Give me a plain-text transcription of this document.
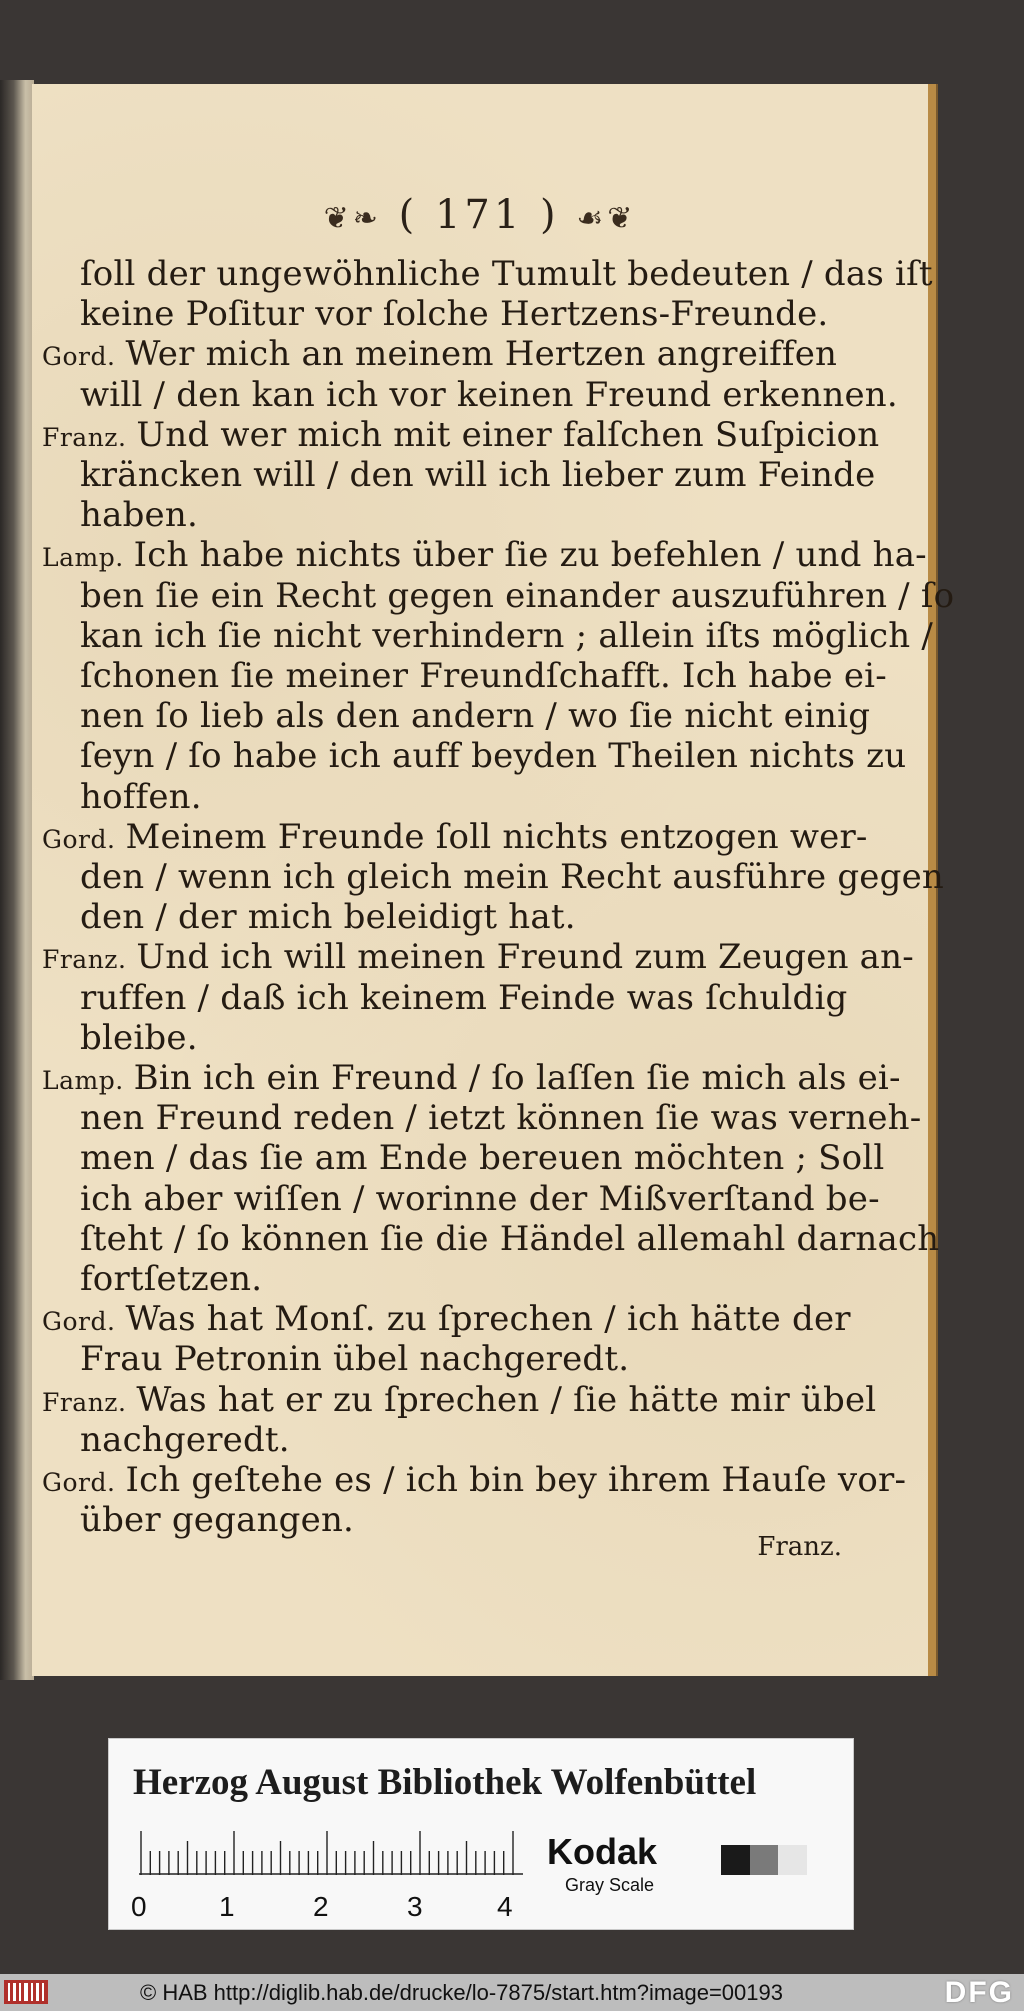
❦❧ ( 171 ) ☙❦
ſoll der ungewöhnliche Tumult bedeuten / das iſt
keine Poſitur vor ſolche Hertzens-Freunde.
Gord. Wer mich an meinem Hertzen angreiffen
will / den kan ich vor keinen Freund erkennen.
Franz. Und wer mich mit einer falſchen Suſpicion
kräncken will / den will ich lieber zum Feinde
haben.
Lamp. Ich habe nichts über ſie zu befehlen / und ha-
ben ſie ein Recht gegen einander auszuführen / ſo
kan ich ſie nicht verhindern ; allein iſts möglich /
ſchonen ſie meiner Freundſchafft. Ich habe ei-
nen ſo lieb als den andern / wo ſie nicht einig
ſeyn / ſo habe ich auff beyden Theilen nichts zu
hoffen.
Gord. Meinem Freunde ſoll nichts entzogen wer-
den / wenn ich gleich mein Recht ausführe gegen
den / der mich beleidigt hat.
Franz. Und ich will meinen Freund zum Zeugen an-
ruffen / daß ich keinem Feinde was ſchuldig
bleibe.
Lamp. Bin ich ein Freund / ſo laſſen ſie mich als ei-
nen Freund reden / ietzt können ſie was verneh-
men / das ſie am Ende bereuen möchten ; Soll
ich aber wiſſen / worinne der Mißverſtand be-
ſteht / ſo können ſie die Händel allemahl darnach
fortſetzen.
Gord. Was hat Monſ. zu ſprechen / ich hätte der
Frau Petronin übel nachgeredt.
Franz. Was hat er zu ſprechen / ſie hätte mir übel
nachgeredt.
Gord. Ich geſtehe es / ich bin bey ihrem Hauſe vor-
über gegangen.
Franz.
Herzog August Bibliothek Wolfenbüttel
0	1	2	3	4
Kodak
Gray Scale
© HAB http://diglib.hab.de/drucke/lo-7875/start.htm?image=00193	DFG
